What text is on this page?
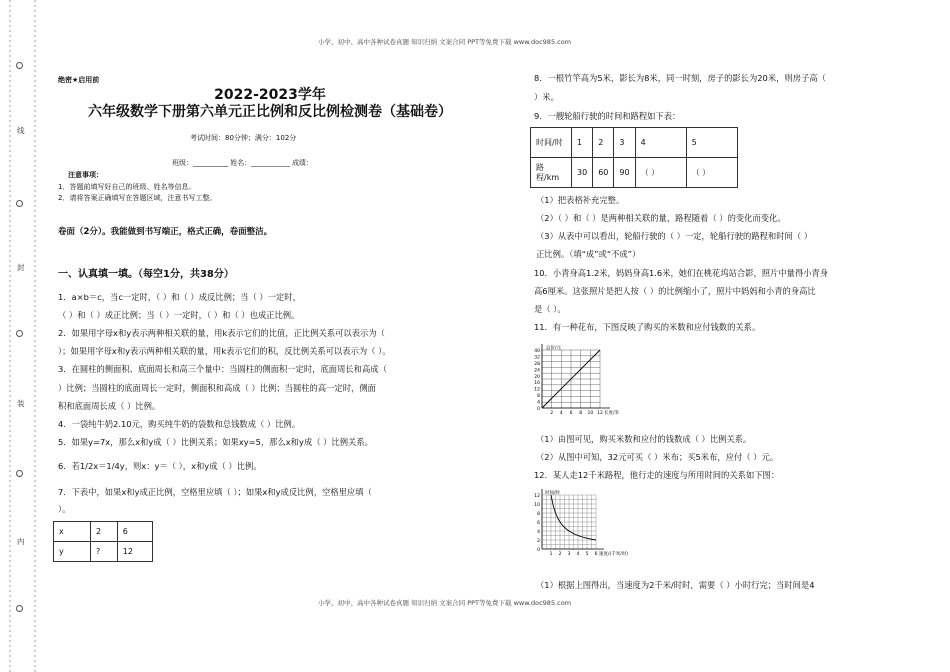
小学、初中、高中各种试卷真题 知识归纳 文案合同 PPT等免费下载 www.doc985.com
小学、初中、高中各种试卷真题 知识归纳 文案合同 PPT等免费下载 www.doc985.com
线
封
装
内
绝密★启用前
2022-2023学年
六年级数学下册第六单元正比例和反比例检测卷（基础卷）
考试时间：80分钟；满分：102分
班级：__________ 姓名：___________ 成绩：
注意事项：
1．答题前填写好自己的班级、姓名等信息。
2．请将答案正确填写在答题区域，注意书写工整。
卷面（2分）。我能做到书写端正，格式正确，卷面整洁。
一、认真填一填。（每空1分，共38分）
1．a×b＝c，当c一定时，（ ）和（ ）成反比例；当（ ）一定时，
（ ）和（ ）成正比例；当（ ）一定时，（ ）和（ ）也成正比例。
2．如果用字母x和y表示两种相关联的量，用k表示它们的比值，正比例关系可以表示为（
）；如果用字母x和y表示两种相关联的量，用k表示它们的积，反比例关系可以表示为（ ）。
3．在圆柱的侧面积、底面周长和高三个量中：当圆柱的侧面积一定时，底面周长和高成（
）比例；当圆柱的底面周长一定时，侧面积和高成（ ）比例；当圆柱的高一定时，侧面
积和底面周长成（ ）比例。
4．一袋纯牛奶2.10元，购买纯牛奶的袋数和总钱数成（ ）比例。
5．如果y=7x，那么x和y成（ ）比例关系；如果xy=5，那么x和y成（ ）比例关系。
6．若1/2x＝1/4y，则x：y＝（ ），x和y成（ ）比例。
7．下表中，如果x和y成正比例，空格里应填（ ）；如果x和y成反比例，空格里应填（
）。
x	2	6
y	?	12
8．一根竹竿高为5米，影长为8米，同一时刻，房子的影长为20米，则房子高（
）米。
9．一艘轮船行驶的时间和路程如下表：
时间/时	1	2	3	4	5
路程/km	30	60	90	（ ）	（ ）
（1）把表格补充完整。
（2）（ ）和（ ）是两种相关联的量，路程随着（ ）的变化而变化。
（3）从表中可以看出，轮船行驶的（ ）一定，轮船行驶的路程和时间（ ）
正比例。（填“成”或“不成”）
10．小青身高1.2米，妈妈身高1.6米，她们在桃花坞站合影，照片中量得小青身
高6厘米。这张照片是把人按（ ）的比例缩小了，照片中妈妈和小青的身高比
是（ ）。
11．有一种花布，下图反映了购买的米数和应付钱数的关系。
40
32
28
24
20
16
12
8
4
0
2 4 6 8 10 12
总价/元
长度/米
（1）由图可见，购买米数和应付的钱数成（ ）比例关系。
（2）从图中可知，32元可买（ ）米布；买5米布，应付（ ）元。
12．某人走12千米路程，他行走的速度与所用时间的关系如下图：
12
10
8
6
4
2
0
1 2 3 4 5 6
时间/时
速度/(千米/时)
（1）根据上图得出，当速度为2千米/时时，需要（ ）小时行完；当时间是4
